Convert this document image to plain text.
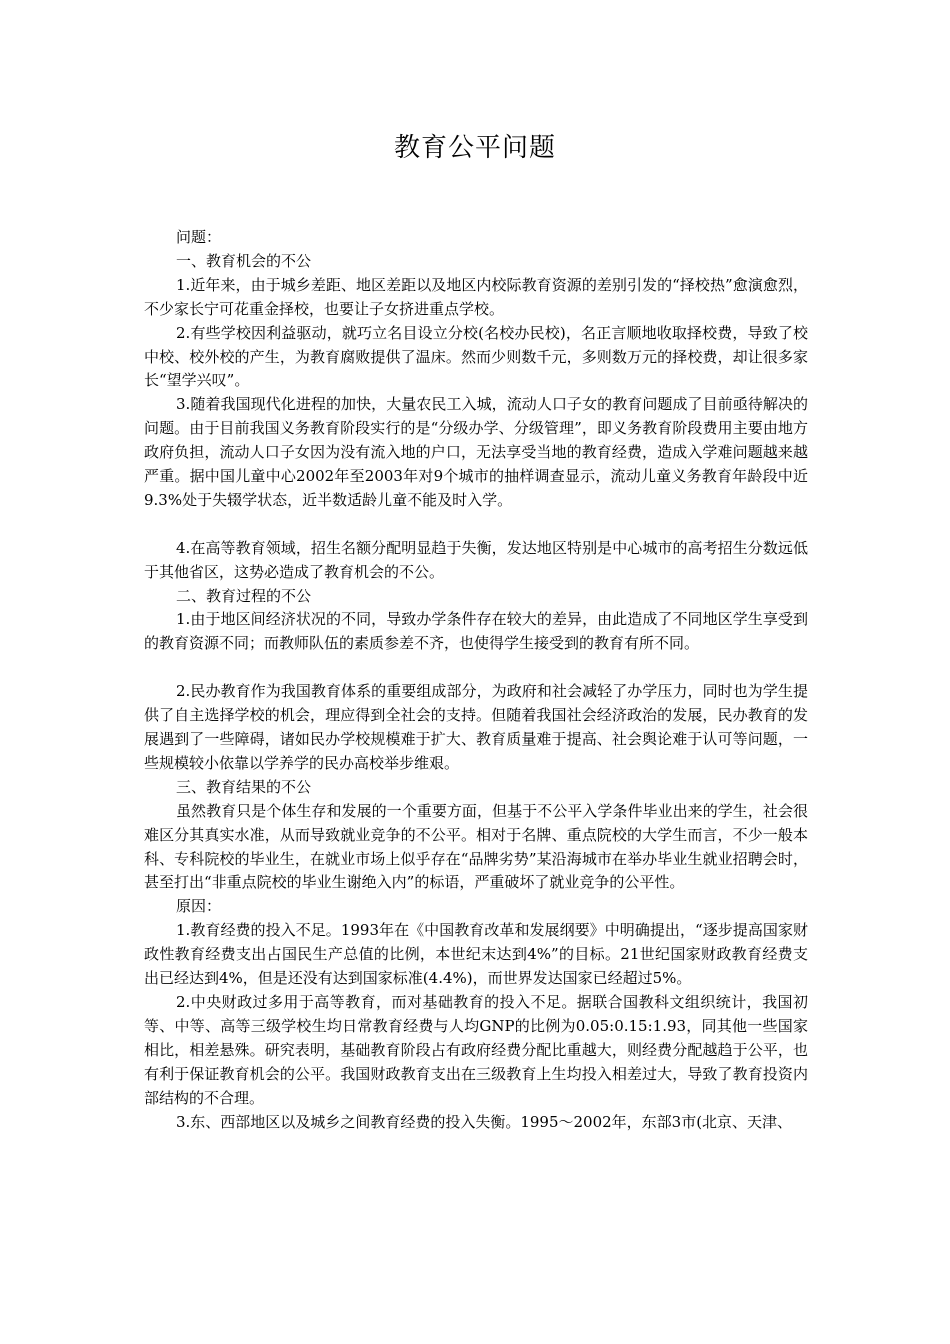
教育公平问题

问题：

一、教育机会的不公

1.近年来，由于城乡差距、地区差距以及地区内校际教育资源的差别引发的“择校热”愈演愈烈，不少家长宁可花重金择校，也要让子女挤进重点学校。

2.有些学校因利益驱动，就巧立名目设立分校(名校办民校)，名正言顺地收取择校费，导致了校中校、校外校的产生，为教育腐败提供了温床。然而少则数千元，多则数万元的择校费，却让很多家长“望学兴叹”。

3.随着我国现代化进程的加快，大量农民工入城，流动人口子女的教育问题成了目前亟待解决的问题。由于目前我国义务教育阶段实行的是“分级办学、分级管理”，即义务教育阶段费用主要由地方政府负担，流动人口子女因为没有流入地的户口，无法享受当地的教育经费，造成入学难问题越来越严重。据中国儿童中心2002年至2003年对9个城市的抽样调查显示，流动儿童义务教育年龄段中近9.3%处于失辍学状态，近半数适龄儿童不能及时入学。

4.在高等教育领域，招生名额分配明显趋于失衡，发达地区特别是中心城市的高考招生分数远低于其他省区，这势必造成了教育机会的不公。

二、教育过程的不公

1.由于地区间经济状况的不同，导致办学条件存在较大的差异，由此造成了不同地区学生享受到的教育资源不同；而教师队伍的素质参差不齐，也使得学生接受到的教育有所不同。

2.民办教育作为我国教育体系的重要组成部分，为政府和社会减轻了办学压力，同时也为学生提供了自主选择学校的机会，理应得到全社会的支持。但随着我国社会经济政治的发展，民办教育的发展遇到了一些障碍，诸如民办学校规模难于扩大、教育质量难于提高、社会舆论难于认可等问题，一些规模较小依靠以学养学的民办高校举步维艰。

三、教育结果的不公

虽然教育只是个体生存和发展的一个重要方面，但基于不公平入学条件毕业出来的学生，社会很难区分其真实水准，从而导致就业竞争的不公平。相对于名牌、重点院校的大学生而言，不少一般本科、专科院校的毕业生，在就业市场上似乎存在“品牌劣势”某沿海城市在举办毕业生就业招聘会时，甚至打出“非重点院校的毕业生谢绝入内”的标语，严重破坏了就业竞争的公平性。

原因：

1.教育经费的投入不足。1993年在《中国教育改革和发展纲要》中明确提出，“逐步提高国家财政性教育经费支出占国民生产总值的比例，本世纪末达到4%”的目标。21世纪国家财政教育经费支出已经达到4%，但是还没有达到国家标准(4.4%)，而世界发达国家已经超过5%。

2.中央财政过多用于高等教育，而对基础教育的投入不足。据联合国教科文组织统计，我国初等、中等、高等三级学校生均日常教育经费与人均GNP的比例为0.05:0.15:1.93，同其他一些国家相比，相差悬殊。研究表明，基础教育阶段占有政府经费分配比重越大，则经费分配越趋于公平，也有利于保证教育机会的公平。我国财政教育支出在三级教育上生均投入相差过大，导致了教育投资内部结构的不合理。

3.东、西部地区以及城乡之间教育经费的投入失衡。1995～2002年，东部3市(北京、天津、
